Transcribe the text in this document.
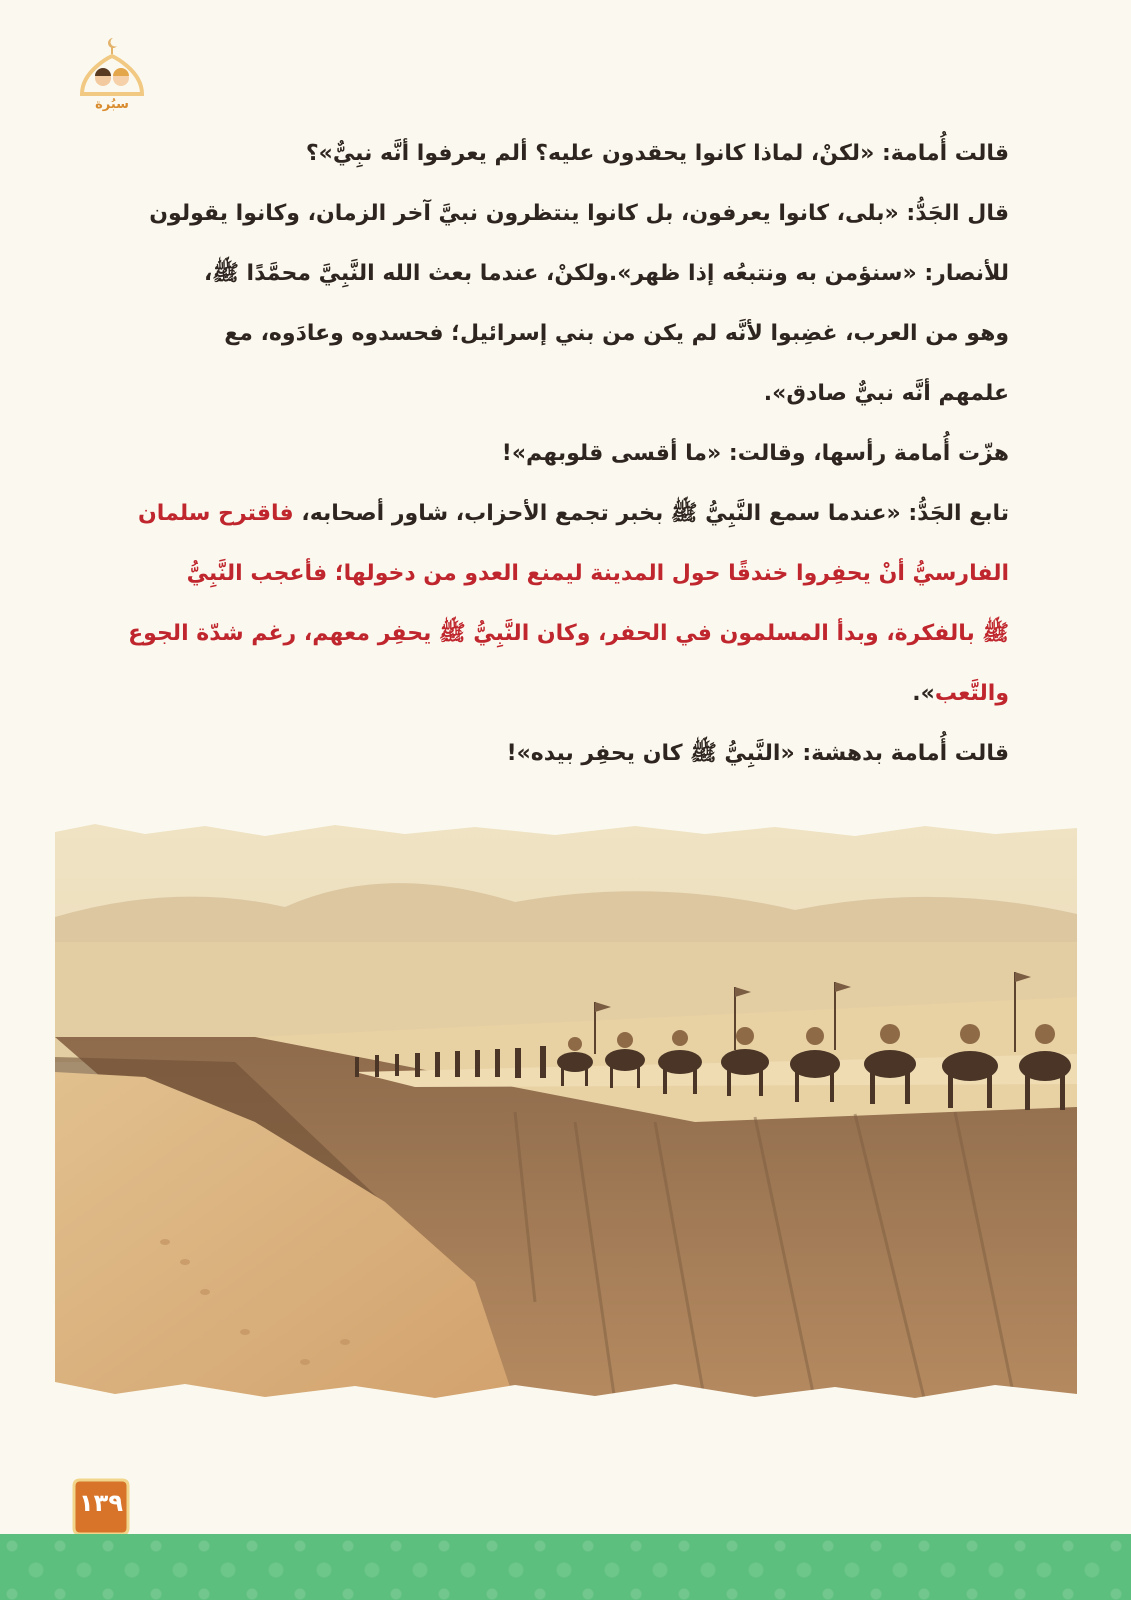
سبُرة
قالت أُمامة: «لكنْ، لماذا كانوا يحقدون عليه؟ ألم يعرفوا أنَّه نبِيٌّ»؟
قال الجَدُّ: «بلى، كانوا يعرفون، بل كانوا ينتظرون نبيَّ آخر الزمان، وكانوا يقولون
للأنصار: «سنؤمن به ونتبعُه إذا ظهر».ولكنْ، عندما بعث الله النَّبِيَّ محمَّدًا ﷺ،
وهو من العرب، غضِبوا لأنَّه لم يكن من بني إسرائيل؛ فحسدوه وعادَوه، مع
علمهم أنَّه نبيٌّ صادق».
هزّت أُمامة رأسها، وقالت: «ما أقسى قلوبهم»!
تابع الجَدُّ: «عندما سمع النَّبِيُّ ﷺ بخبر تجمع الأحزاب، شاور أصحابه، فاقترح سلمان
الفارسيُّ أنْ يحفِروا خندقًا حول المدينة ليمنع العدو من دخولها؛ فأعجب النَّبِيُّ
ﷺ بالفكرة، وبدأ المسلمون في الحفر، وكان النَّبِيُّ ﷺ يحفِر معهم، رغم شدّة الجوع
والتَّعب».
قالت أُمامة بدهشة: «النَّبِيُّ ﷺ كان يحفِر بيده»!
١٣٩
